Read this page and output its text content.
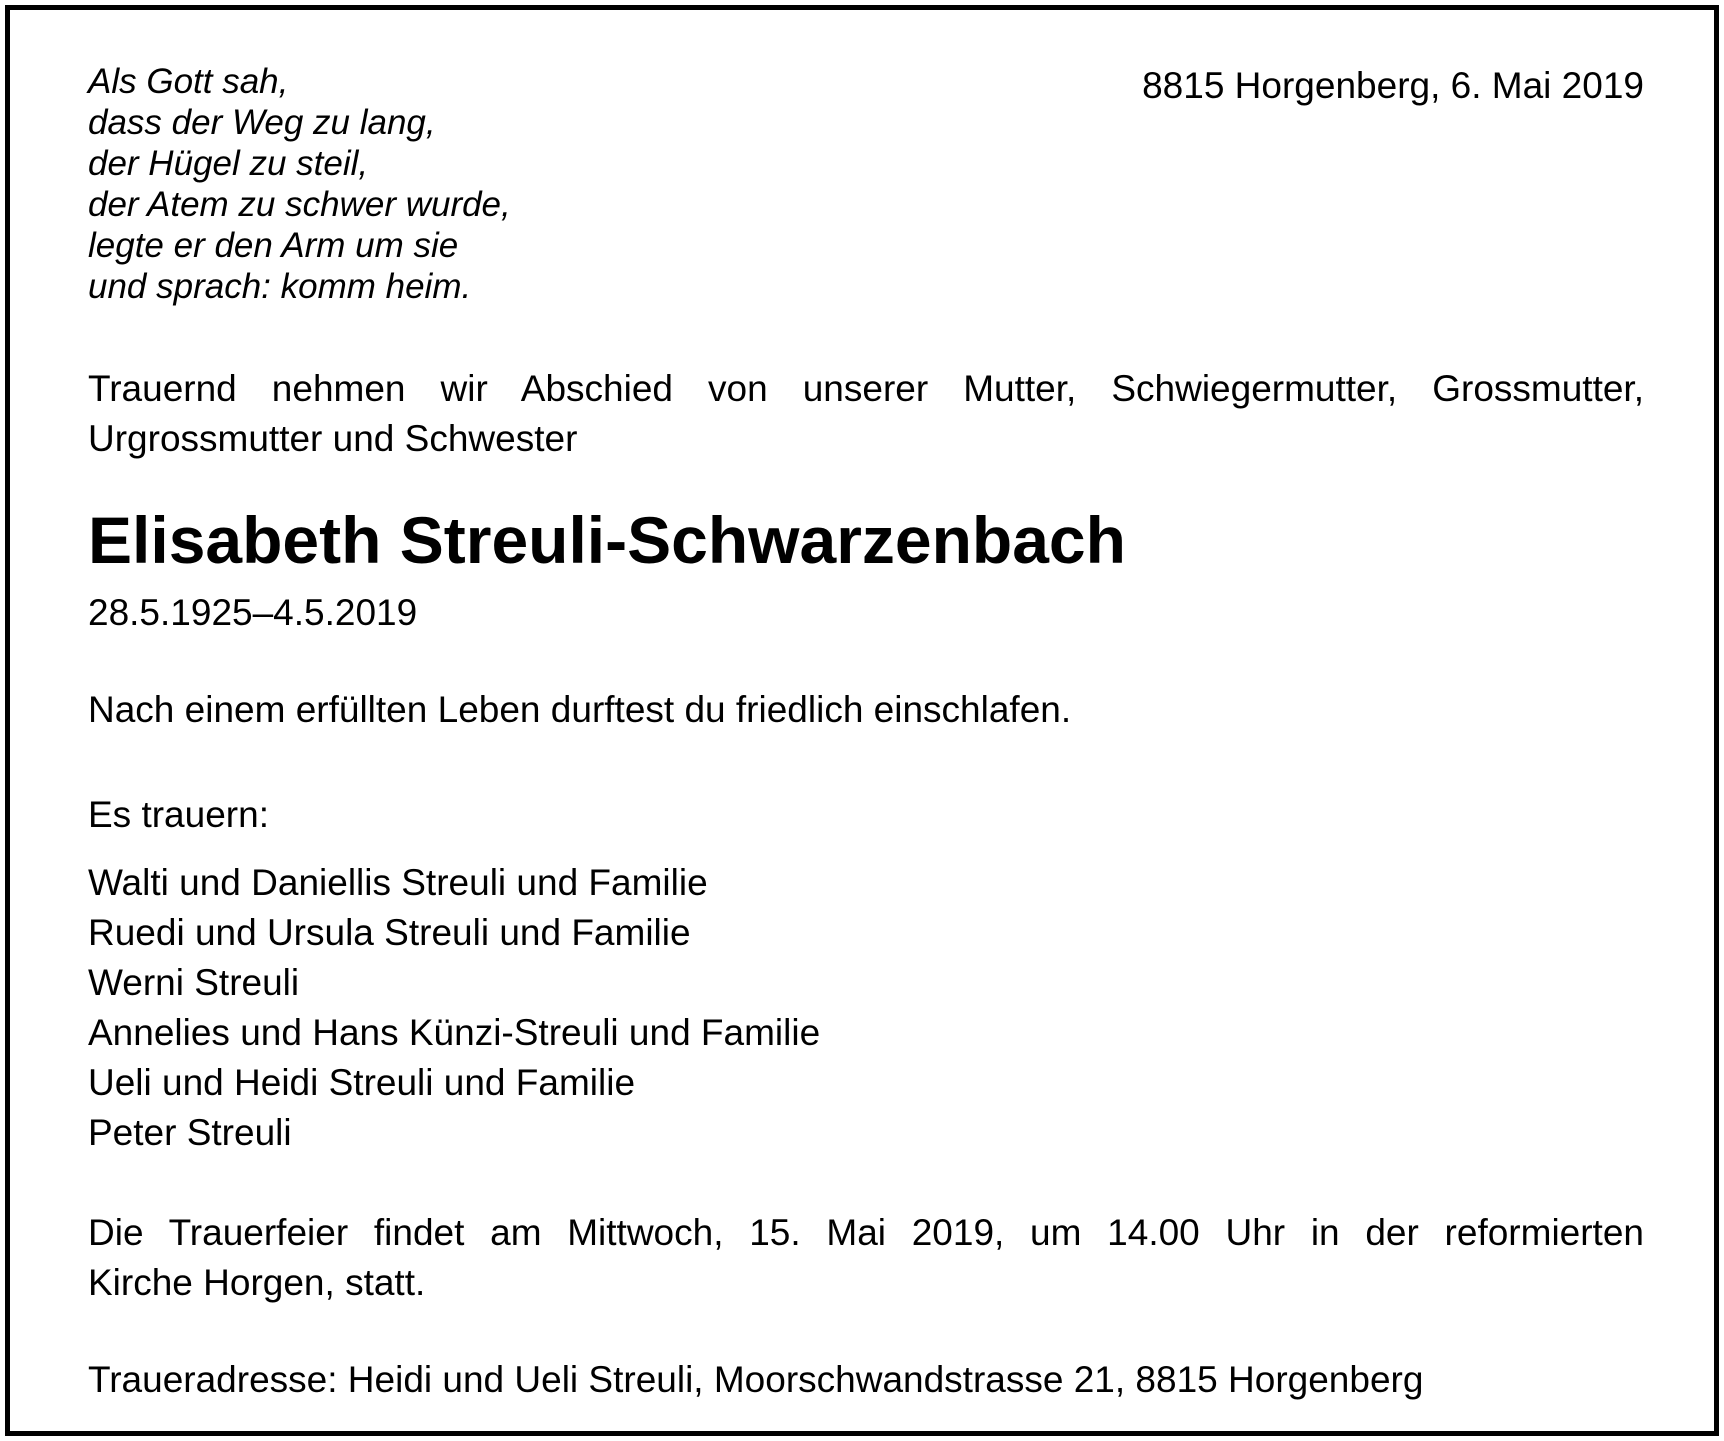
Als Gott sah,
dass der Weg zu lang,
der Hügel zu steil,
der Atem zu schwer wurde,
legte er den Arm um sie
und sprach: komm heim.
8815 Horgenberg, 6. Mai 2019
Trauernd nehmen wir Abschied von unserer Mutter, Schwiegermutter, Grossmutter,
Urgrossmutter und Schwester
Elisabeth Streuli-Schwarzenbach
28.5.1925–4.5.2019
Nach einem erfüllten Leben durftest du friedlich einschlafen.
Es trauern:
Walti und Daniellis Streuli und Familie
Ruedi und Ursula Streuli und Familie
Werni Streuli
Annelies und Hans Künzi-Streuli und Familie
Ueli und Heidi Streuli und Familie
Peter Streuli
Die Trauerfeier findet am Mittwoch, 15. Mai 2019, um 14.00 Uhr in der reformierten
Kirche Horgen, statt.
Traueradresse: Heidi und Ueli Streuli, Moorschwandstrasse 21, 8815 Horgenberg
